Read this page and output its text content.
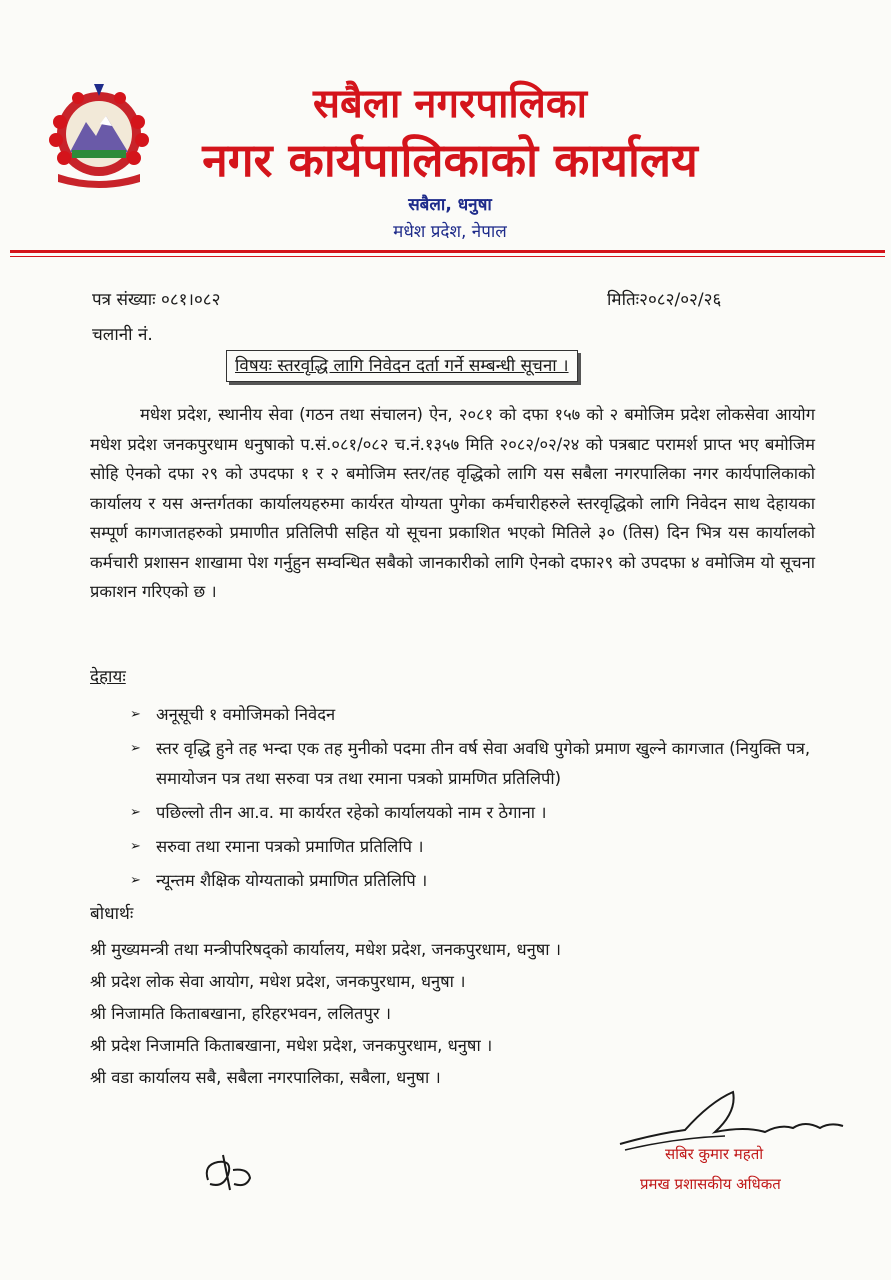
सबैला नगरपालिका
नगर कार्यपालिकाको कार्यालय
सबैला, धनुषा
मधेश प्रदेश, नेपाल
पत्र संख्याः ०८१।०८२	मितिः२०८२/०२/२६
चलानी नं.
विषयः स्तरवृद्धि लागि निवेदन दर्ता गर्ने सम्बन्धी सूचना ।

मधेश प्रदेश, स्थानीय सेवा (गठन तथा संचालन) ऐन, २०८१ को दफा १५७ को २ बमोजिम प्रदेश लोकसेवा आयोग मधेश प्रदेश जनकपुरधाम धनुषाको प.सं.०८१/०८२ च.नं.१३५७ मिति २०८२/०२/२४ को पत्रबाट परामर्श प्राप्त भए बमोजिम सोहि ऐनको दफा २९ को उपदफा १ र २ बमोजिम स्तर/तह वृद्धिको लागि यस सबैला नगरपालिका नगर कार्यपालिकाको कार्यालय र यस अन्तर्गतका कार्यालयहरुमा कार्यरत योग्यता पुगेका कर्मचारीहरुले स्तरवृद्धिको लागि निवेदन साथ देहायका सम्पूर्ण कागजातहरुको प्रमाणीत प्रतिलिपी सहित यो सूचना प्रकाशित भएको मितिले ३० (तिस) दिन भित्र यस कार्यालको कर्मचारी प्रशासन शाखामा पेश गर्नुहुन सम्वन्धित सबैको जानकारीको लागि ऐनको दफा२९ को उपदफा ४ वमोजिम यो सूचना प्रकाशन गरिएको छ ।

देहायः
➢ अनूसूची १ वमोजिमको निवेदन
➢ स्तर वृद्धि हुने तह भन्दा एक तह मुनीको पदमा तीन वर्ष सेवा अवधि पुगेको प्रमाण खुल्ने कागजात (नियुक्ति पत्र, समायोजन पत्र तथा सरुवा पत्र तथा रमाना पत्रको प्रामणित प्रतिलिपी)
➢ पछिल्लो तीन आ.व. मा कार्यरत रहेको कार्यालयको नाम र ठेगाना ।
➢ सरुवा तथा रमाना पत्रको प्रमाणित प्रतिलिपि ।
➢ न्यून्तम शैक्षिक योग्यताको प्रमाणित प्रतिलिपि ।
बोधार्थः
श्री मुख्यमन्त्री तथा मन्त्रीपरिषद्को कार्यालय, मधेश प्रदेश, जनकपुरधाम, धनुषा ।
श्री प्रदेश लोक सेवा आयोग, मधेश प्रदेश, जनकपुरधाम, धनुषा ।
श्री निजामति किताबखाना, हरिहरभवन, ललितपुर ।
श्री प्रदेश निजामति किताबखाना, मधेश प्रदेश, जनकपुरधाम, धनुषा ।
श्री वडा कार्यालय सबै, सबैला नगरपालिका, सबैला, धनुषा ।
सबिर कुमार महतो
प्रमख प्रशासकीय अधिकत
